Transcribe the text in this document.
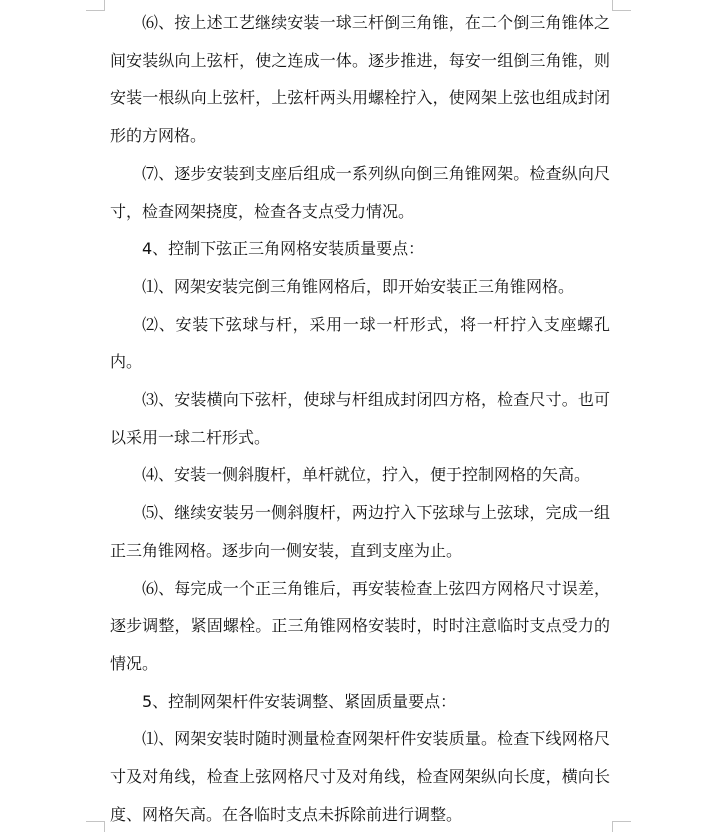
⑹、按上述工艺继续安装一球三杆倒三角锥，在二个倒三角锥体之间安装纵向上弦杆，使之连成一体。逐步推进，每安一组倒三角锥，则安装一根纵向上弦杆，上弦杆两头用螺栓拧入，使网架上弦也组成封闭形的方网格。

⑺、逐步安装到支座后组成一系列纵向倒三角锥网架。检查纵向尺寸，检查网架挠度，检查各支点受力情况。

4、控制下弦正三角网格安装质量要点：

⑴、网架安装完倒三角锥网格后，即开始安装正三角锥网格。

⑵、安装下弦球与杆，采用一球一杆形式，将一杆拧入支座螺孔内。

⑶、安装横向下弦杆，使球与杆组成封闭四方格，检查尺寸。也可以采用一球二杆形式。

⑷、安装一侧斜腹杆，单杆就位，拧入，便于控制网格的矢高。

⑸、继续安装另一侧斜腹杆，两边拧入下弦球与上弦球，完成一组正三角锥网格。逐步向一侧安装，直到支座为止。

⑹、每完成一个正三角锥后，再安装检查上弦四方网格尺寸误差，逐步调整，紧固螺栓。正三角锥网格安装时，时时注意临时支点受力的情况。

5、控制网架杆件安装调整、紧固质量要点：

⑴、网架安装时随时测量检查网架杆件安装质量。检查下线网格尺寸及对角线，检查上弦网格尺寸及对角线，检查网架纵向长度，横向长度、网格矢高。在各临时支点未拆除前进行调整。
